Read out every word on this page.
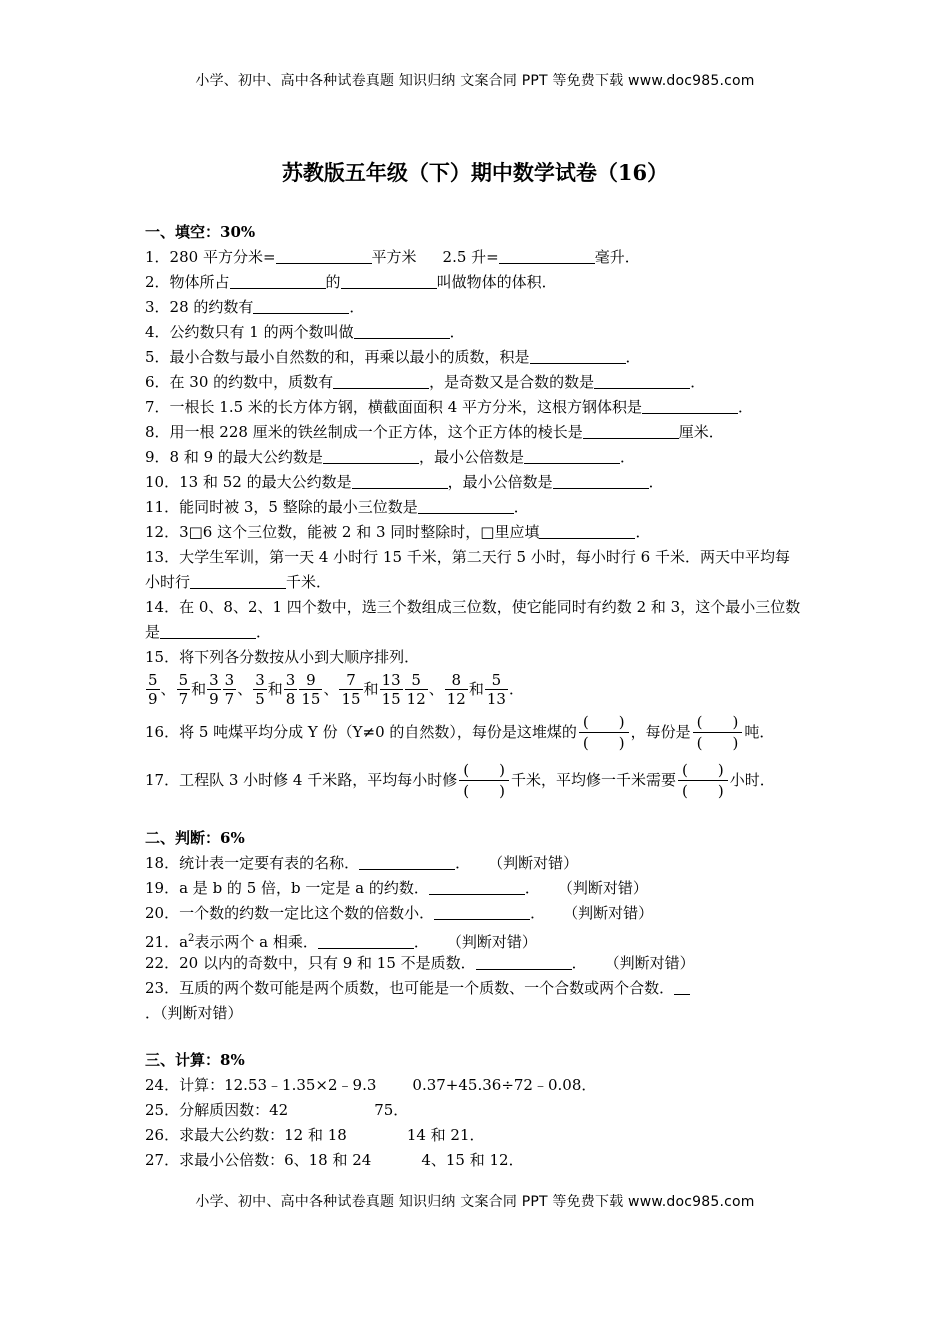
小学、初中、高中各种试卷真题 知识归纳 文案合同 PPT 等免费下载 www.doc985.com
苏教版五年级（下）期中数学试卷（16）
一、填空：30%
1．280 平方分米=	平方米 2.5 升=	毫升．
2．物体所占	的	叫做物体的体积．
3．28 的约数有	．
4．公约数只有 1 的两个数叫做	．
5．最小合数与最小自然数的和，再乘以最小的质数，积是	．
6．在 30 的约数中，质数有	，是奇数又是合数的数是	．
7．一根长 1.5 米的长方体方钢，横截面面积 4 平方分米，这根方钢体积是	．
8．用一根 228 厘米的铁丝制成一个正方体，这个正方体的棱长是	厘米．
9．8 和 9 的最大公约数是	，最小公倍数是	．
10．13 和 52 的最大公约数是	，最小公倍数是	．
11．能同时被 3，5 整除的最小三位数是	．
12．3□6 这个三位数，能被 2 和 3 同时整除时，□里应填	．
13．大学生军训，第一天 4 小时行 15 千米，第二天行 5 小时，每小时行 6 千米．两天中平均每
小时行	千米．
14．在 0、8、2、1 四个数中，选三个数组成三位数，使它能同时有约数 2 和 3，这个最小三位数
是	．
15．将下列各分数按从小到大顺序排列．
$\frac{5}{9}$ 、 $\frac{5}{7}$ 和 $\frac{3}{9} \frac{3}{7}$ 、 $\frac{3}{5}$ 和 $\frac{3}{8} \frac{9}{15}$ 、 $\frac{7}{15}$ 和 $\frac{13}{15} \frac{5}{12}$ 、 $\frac{8}{12}$ 和 $\frac{5}{13}$ ．
16．将 5 吨煤平均分成 Y 份（Y≠0 的自然数），每份是这堆煤的
(　　)
(　　)
，每份是
(　　)
(　　)
吨．
17．工程队 3 小时修 4 千米路，平均每小时修
(　　)
(　　)
千米，平均修一千米需要
(　　)
(　　)
小时．
二、判断：6%
18．统计表一定要有表的名称．	． （判断对错）
19．a 是 b 的 5 倍，b 一定是 a 的约数．	． （判断对错）
20．一个数的约数一定比这个数的倍数小．	． （判断对错）
21．$a^2$表示两个 a 相乘．	． （判断对错）
22．20 以内的奇数中，只有 9 和 15 不是质数．	． （判断对错）
23．互质的两个数可能是两个质数，也可能是一个质数、一个合数或两个合数．
．（判断对错）
三、计算：8%
24．计算：12.53﹣1.35×2﹣9.3 0.37+45.36÷72﹣0.08．
25．分解质因数：42	75．
26．求最大公约数：12 和 18	14 和 21．
27．求最小公倍数：6、18 和 24	4、15 和 12．
小学、初中、高中各种试卷真题 知识归纳 文案合同 PPT 等免费下载 www.doc985.com
